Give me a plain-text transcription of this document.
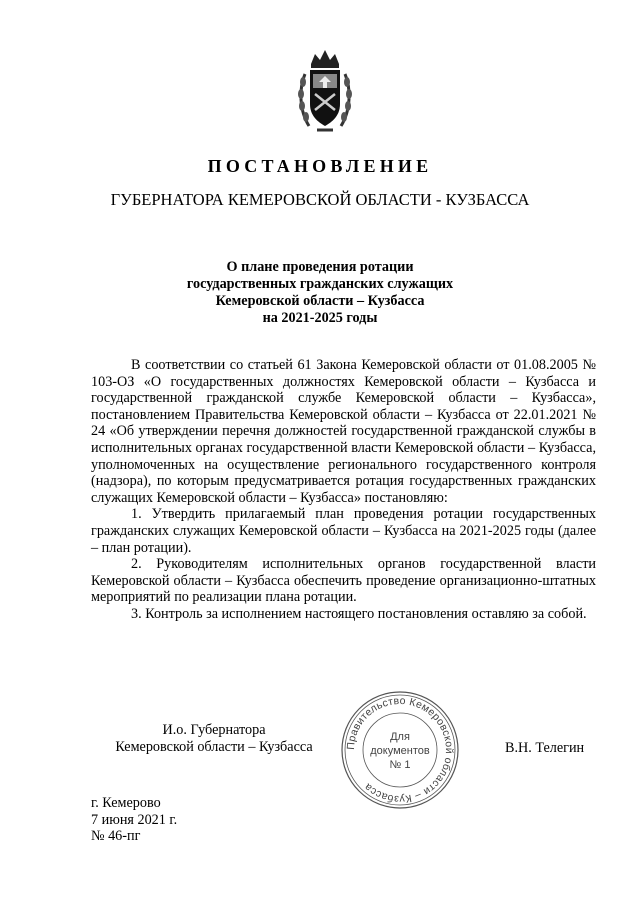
ПОСТАНОВЛЕНИЕ
ГУБЕРНАТОРА КЕМЕРОВСКОЙ ОБЛАСТИ - КУЗБАССА
О плане проведения ротации
государственных гражданских служащих
Кемеровской области – Кузбасса
на 2021-2025 годы

В соответствии со статьей 61 Закона Кемеровской области от 01.08.2005 № 103-ОЗ «О государственных должностях Кемеровской области – Кузбасса и государственной гражданской службе Кемеровской области – Кузбасса», постановлением Правительства Кемеровской области – Кузбасса от 22.01.2021 № 24 «Об утверждении перечня должностей государственной гражданской службы в исполнительных органах государственной власти Кемеровской области – Кузбасса, уполномоченных на осуществление регионального государственного контроля (надзора), по которым предусматривается ротация государственных гражданских служащих Кемеровской области – Кузбасса» постановляю:

1. Утвердить прилагаемый план проведения ротации государственных гражданских служащих Кемеровской области – Кузбасса на 2021-2025 годы (далее – план ротации).

2. Руководителям исполнительных органов государственной власти Кемеровской области – Кузбасса обеспечить проведение организационно-штатных мероприятий по реализации плана ротации.

3. Контроль за исполнением настоящего постановления оставляю за собой.

И.о. Губернатора
Кемеровской области – Кузбасса	Правительство Кемеровской области – Кузбасса
Для
документов
№ 1
В.Н. Телегин
г. Кемерово
7 июня 2021 г.
№ 46-пг
